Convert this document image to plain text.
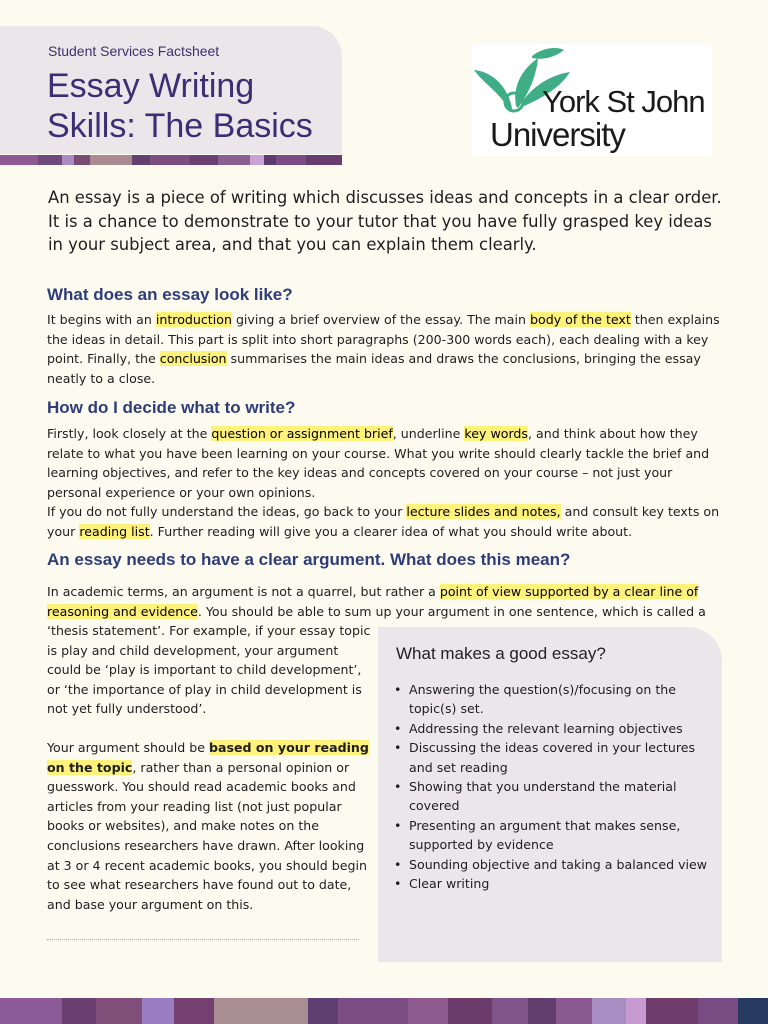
Student Services Factsheet
Essay Writing
Skills: The Basics
York St John
University

An essay is a piece of writing which discusses ideas and concepts in a clear order. It is a chance to demonstrate to your tutor that you have fully grasped key ideas in your subject area, and that you can explain them clearly.

What does an essay look like?

It begins with an introduction giving a brief overview of the essay. The main body of the text then explains the ideas in detail. This part is split into short paragraphs (200-300 words each), each dealing with a key point. Finally, the conclusion summarises the main ideas and draws the conclusions, bringing the essay neatly to a close.

How do I decide what to write?

Firstly, look closely at the question or assignment brief, underline key words, and think about how they relate to what you have been learning on your course. What you write should clearly tackle the brief and learning objectives, and refer to the key ideas and concepts covered on your course – not just your personal experience or your own opinions.

If you do not fully understand the ideas, go back to your lecture slides and notes, and consult key texts on your reading list. Further reading will give you a clearer idea of what you should write about.

An essay needs to have a clear argument. What does this mean?

In academic terms, an argument is not a quarrel, but rather a point of view supported by a clear line of reasoning and evidence. You should be able to sum up your argument in one sentence, which is called a

‘thesis statement’. For example, if your essay topic is play and child development, your argument could be ‘play is important to child development’, or ‘the importance of play in child development is not yet fully understood’.

Your argument should be based on your reading on the topic, rather than a personal opinion or guesswork. You should read academic books and articles from your reading list (not just popular books or websites), and make notes on the conclusions researchers have drawn. After looking at 3 or 4 recent academic books, you should begin to see what researchers have found out to date, and base your argument on this.

What makes a good essay?
• Answering the question(s)/focusing on the topic(s) set.
• Addressing the relevant learning objectives
• Discussing the ideas covered in your lectures and set reading
• Showing that you understand the material covered
• Presenting an argument that makes sense, supported by evidence
• Sounding objective and taking a balanced view
• Clear writing
